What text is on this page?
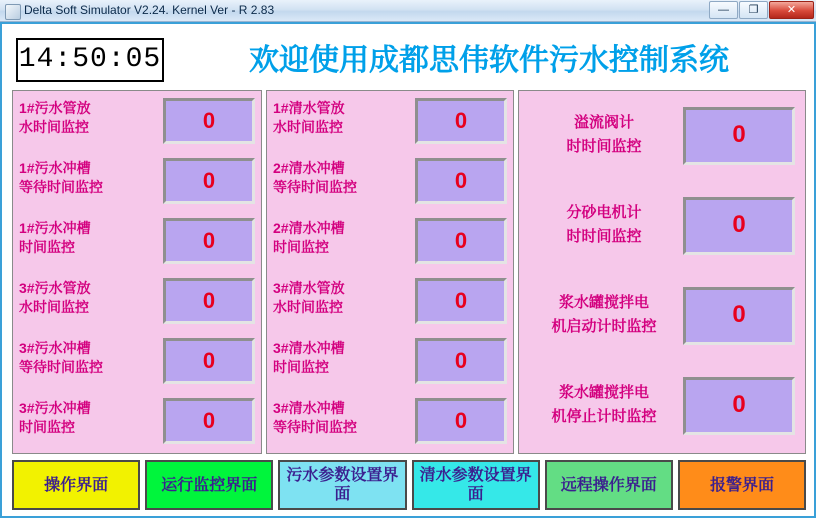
Delta Soft Simulator V2.24. Kernel Ver - R 2.83	—	❐	✕
14:50:05	欢迎使用成都思伟软件污水控制系统
1#污水管放
水时间监控	0
1#污水冲槽
等待时间监控	0
1#污水冲槽
时间监控	0
3#污水管放
水时间监控	0
3#污水冲槽
等待时间监控	0
3#污水冲槽
时间监控	0
1#清水管放
水时间监控	0
2#清水冲槽
等待时间监控	0
2#清水冲槽
时间监控	0
3#清水管放
水时间监控	0
3#清水冲槽
时间监控	0
3#清水冲槽
等待时间监控	0
溢流阀计
时时间监控	0
分砂电机计
时时间监控	0
浆水罐搅拌电
机启动计时监控	0
浆水罐搅拌电
机停止计时监控	0
操作界面	运行监控界面
污水参数设置界面
清水参数设置界面
远程操作界面	报警界面
